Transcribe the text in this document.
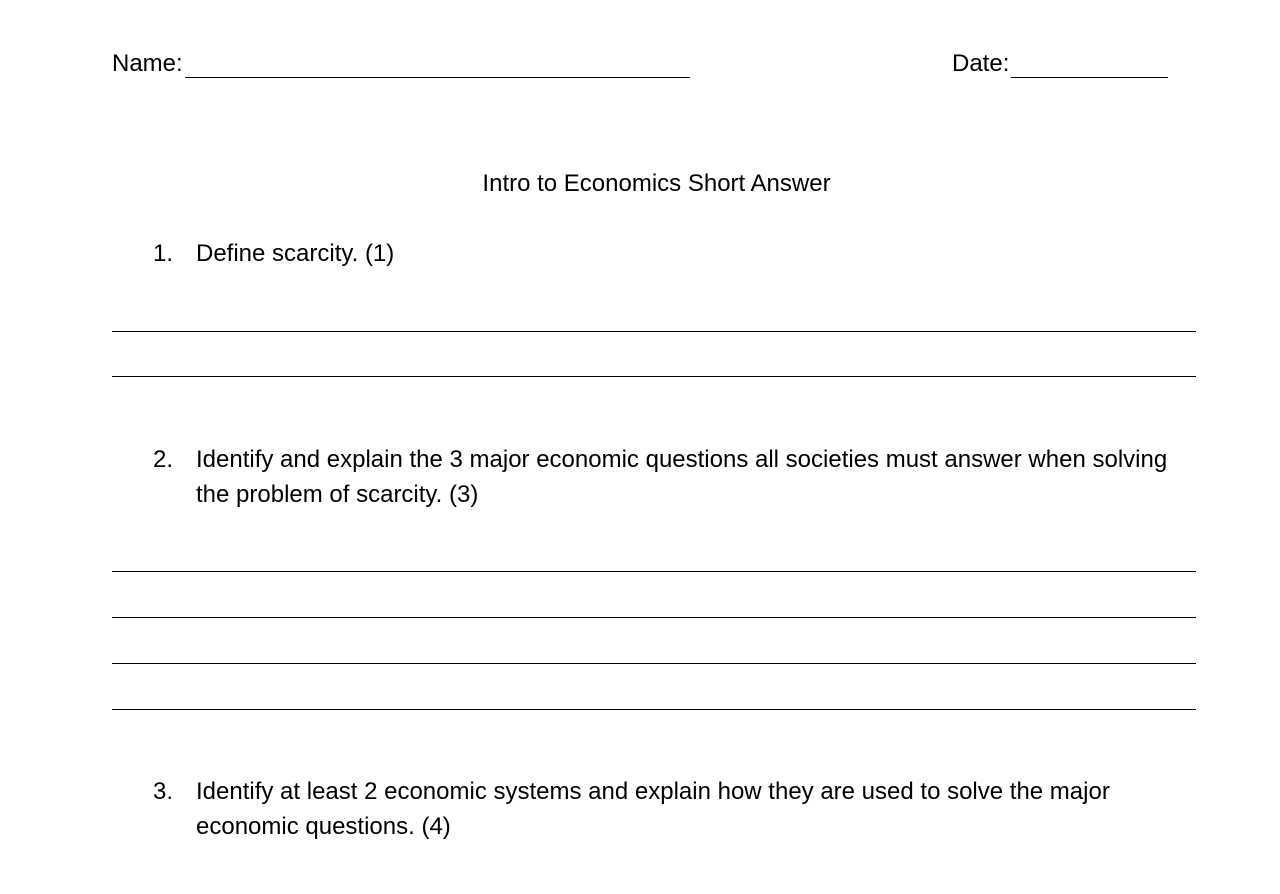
Name:	Date:
Intro to Economics Short Answer
1. Define scarcity. (1)
2. Identify and explain the 3 major economic questions all societies must answer when solving the problem of scarcity. (3)
3. Identify at least 2 economic systems and explain how they are used to solve the major economic questions. (4)
